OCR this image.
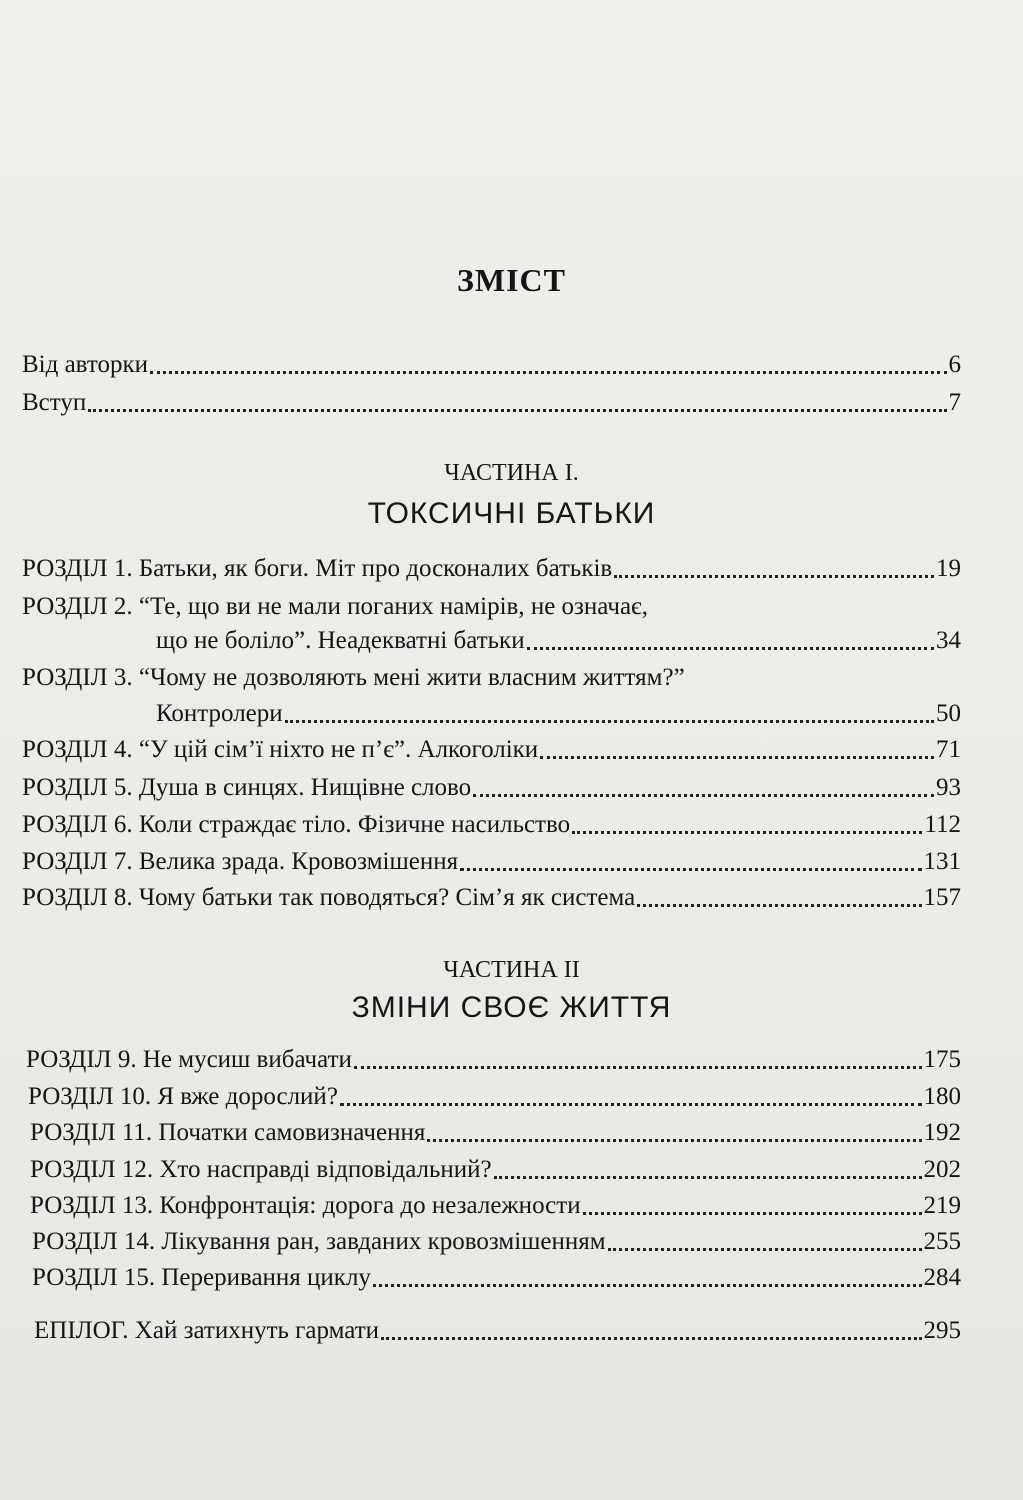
ЗМІСТ
Від авторки	6
Вступ	7
ЧАСТИНА І.
ТОКСИЧНІ БАТЬКИ
РОЗДІЛ 1. Батьки, як боги. Міт про досконалих батьків	19
РОЗДІЛ 2. “Те, що ви не мали поганих намірів, не означає,
що не боліло”. Неадекватні батьки	34
РОЗДІЛ 3. “Чому не дозволяють мені жити власним життям?”
Контролери	50
РОЗДІЛ 4. “У цій сім’ї ніхто не п’є”. Алкоголіки	71
РОЗДІЛ 5. Душа в синцях. Нищівне слово	93
РОЗДІЛ 6. Коли страждає тіло. Фізичне насильство	112
РОЗДІЛ 7. Велика зрада. Кровозмішення	131
РОЗДІЛ 8. Чому батьки так поводяться? Сім’я як система	157
ЧАСТИНА ІІ
ЗМІНИ СВОЄ ЖИТТЯ
РОЗДІЛ 9. Не мусиш вибачати	175
РОЗДІЛ 10. Я вже дорослий?	180
РОЗДІЛ 11. Початки самовизначення	192
РОЗДІЛ 12. Хто насправді відповідальний?	202
РОЗДІЛ 13. Конфронтація: дорога до незалежности	219
РОЗДІЛ 14. Лікування ран, завданих кровозмішенням	255
РОЗДІЛ 15. Переривання циклу	284
ЕПІЛОГ. Хай затихнуть гармати	295
